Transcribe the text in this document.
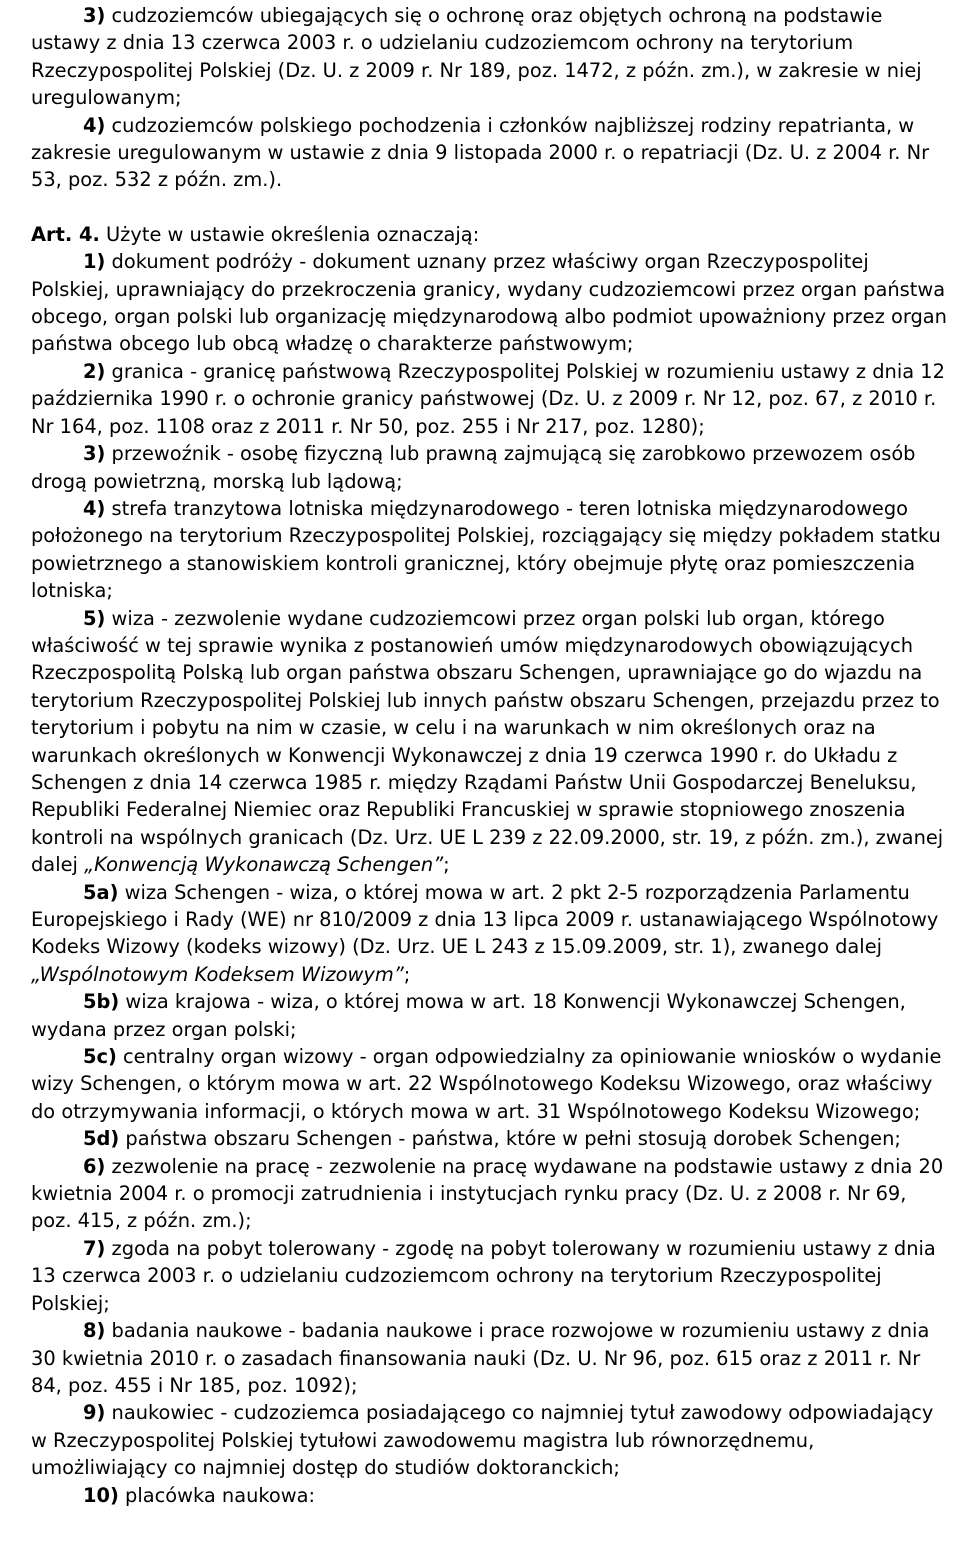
3) cudzoziemców ubiegających się o ochronę oraz objętych ochroną na podstawie ustawy z dnia 13 czerwca 2003 r. o udzielaniu cudzoziemcom ochrony na terytorium Rzeczypospolitej Polskiej (Dz. U. z 2009 r. Nr 189, poz. 1472, z późn. zm.), w zakresie w niej uregulowanym;

4) cudzoziemców polskiego pochodzenia i członków najbliższej rodziny repatrianta, w zakresie uregulowanym w ustawie z dnia 9 listopada 2000 r. o repatriacji (Dz. U. z 2004 r. Nr 53, poz. 532 z późn. zm.).

Art. 4. Użyte w ustawie określenia oznaczają:

1) dokument podróży - dokument uznany przez właściwy organ Rzeczypospolitej Polskiej, uprawniający do przekroczenia granicy, wydany cudzoziemcowi przez organ państwa obcego, organ polski lub organizację międzynarodową albo podmiot upoważniony przez organ państwa obcego lub obcą władzę o charakterze państwowym;

2) granica - granicę państwową Rzeczypospolitej Polskiej w rozumieniu ustawy z dnia 12 października 1990 r. o ochronie granicy państwowej (Dz. U. z 2009 r. Nr 12, poz. 67, z 2010 r. Nr 164, poz. 1108 oraz z 2011 r. Nr 50, poz. 255 i Nr 217, poz. 1280);

3) przewoźnik - osobę fizyczną lub prawną zajmującą się zarobkowo przewozem osób drogą powietrzną, morską lub lądową;

4) strefa tranzytowa lotniska międzynarodowego - teren lotniska międzynarodowego położonego na terytorium Rzeczypospolitej Polskiej, rozciągający się między pokładem statku powietrznego a stanowiskiem kontroli granicznej, który obejmuje płytę oraz pomieszczenia lotniska;

5) wiza - zezwolenie wydane cudzoziemcowi przez organ polski lub organ, którego właściwość w tej sprawie wynika z postanowień umów międzynarodowych obowiązujących Rzeczpospolitą Polską lub organ państwa obszaru Schengen, uprawniające go do wjazdu na terytorium Rzeczypospolitej Polskiej lub innych państw obszaru Schengen, przejazdu przez to terytorium i pobytu na nim w czasie, w celu i na warunkach w nim określonych oraz na warunkach określonych w Konwencji Wykonawczej z dnia 19 czerwca 1990 r. do Układu z Schengen z dnia 14 czerwca 1985 r. między Rządami Państw Unii Gospodarczej Beneluksu, Republiki Federalnej Niemiec oraz Republiki Francuskiej w sprawie stopniowego znoszenia kontroli na wspólnych granicach (Dz. Urz. UE L 239 z 22.09.2000, str. 19, z późn. zm.), zwanej dalej „Konwencją Wykonawczą Schengen”;

5a) wiza Schengen - wiza, o której mowa w art. 2 pkt 2-5 rozporządzenia Parlamentu Europejskiego i Rady (WE) nr 810/2009 z dnia 13 lipca 2009 r. ustanawiającego Wspólnotowy Kodeks Wizowy (kodeks wizowy) (Dz. Urz. UE L 243 z 15.09.2009, str. 1), zwanego dalej „Wspólnotowym Kodeksem Wizowym”;

5b) wiza krajowa - wiza, o której mowa w art. 18 Konwencji Wykonawczej Schengen, wydana przez organ polski;

5c) centralny organ wizowy - organ odpowiedzialny za opiniowanie wniosków o wydanie wizy Schengen, o którym mowa w art. 22 Wspólnotowego Kodeksu Wizowego, oraz właściwy do otrzymywania informacji, o których mowa w art. 31 Wspólnotowego Kodeksu Wizowego;

5d) państwa obszaru Schengen - państwa, które w pełni stosują dorobek Schengen;

6) zezwolenie na pracę - zezwolenie na pracę wydawane na podstawie ustawy z dnia 20 kwietnia 2004 r. o promocji zatrudnienia i instytucjach rynku pracy (Dz. U. z 2008 r. Nr 69, poz. 415, z późn. zm.);

7) zgoda na pobyt tolerowany - zgodę na pobyt tolerowany w rozumieniu ustawy z dnia 13 czerwca 2003 r. o udzielaniu cudzoziemcom ochrony na terytorium Rzeczypospolitej Polskiej;

8) badania naukowe - badania naukowe i prace rozwojowe w rozumieniu ustawy z dnia 30 kwietnia 2010 r. o zasadach finansowania nauki (Dz. U. Nr 96, poz. 615 oraz z 2011 r. Nr 84, poz. 455 i Nr 185, poz. 1092);

9) naukowiec - cudzoziemca posiadającego co najmniej tytuł zawodowy odpowiadający w Rzeczypospolitej Polskiej tytułowi zawodowemu magistra lub równorzędnemu, umożliwiający co najmniej dostęp do studiów doktoranckich;

10) placówka naukowa:
